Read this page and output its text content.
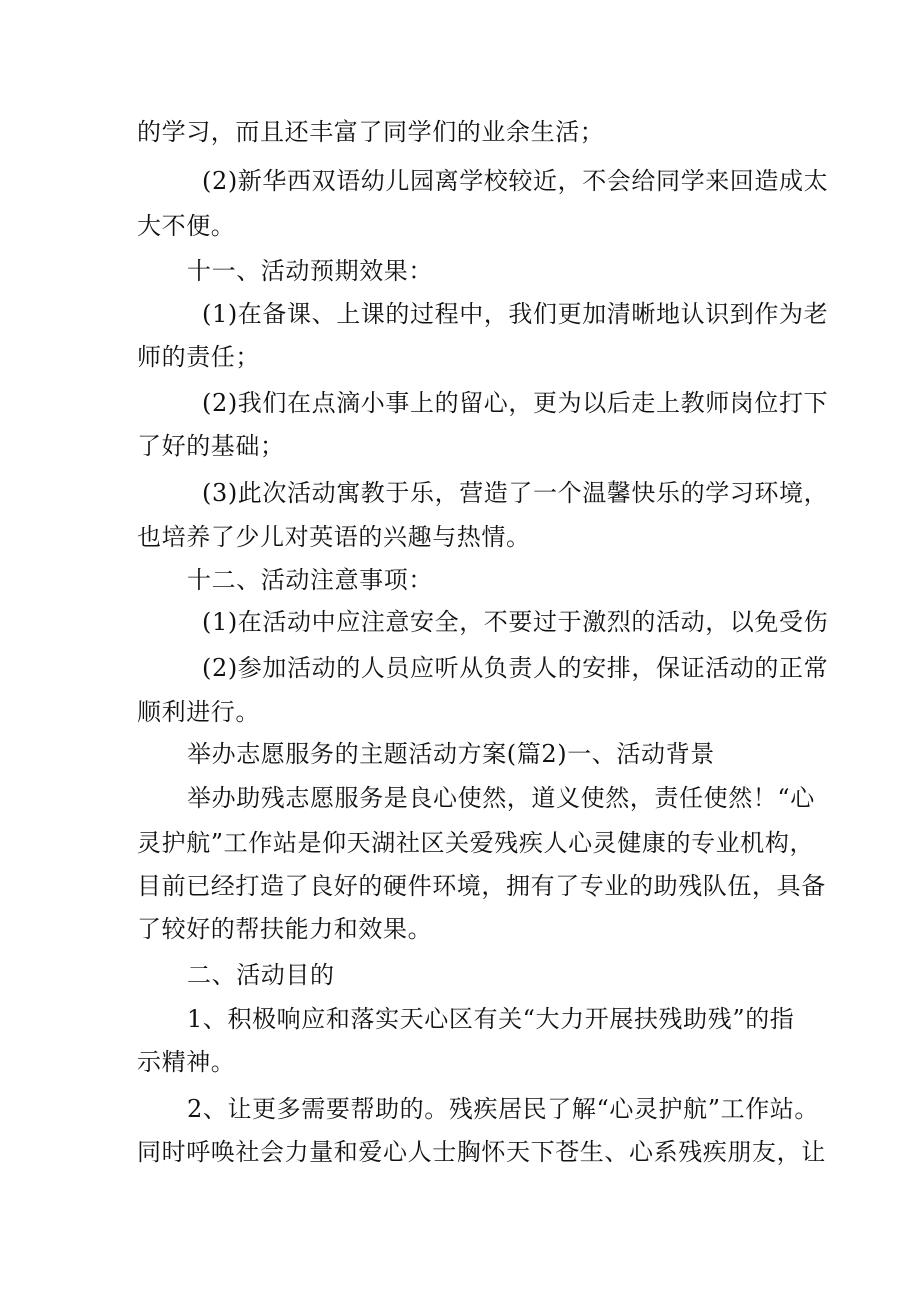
的学习，而且还丰富了同学们的业余生活；

(2)新华西双语幼儿园离学校较近，不会给同学来回造成太

大不便。

十一、活动预期效果：

(1)在备课、上课的过程中，我们更加清晰地认识到作为老

师的责任；

(2)我们在点滴小事上的留心，更为以后走上教师岗位打下

了好的基础；

(3)此次活动寓教于乐，营造了一个温馨快乐的学习环境，

也培养了少儿对英语的兴趣与热情。

十二、活动注意事项：

(1)在活动中应注意安全，不要过于激烈的活动，以免受伤

(2)参加活动的人员应听从负责人的安排，保证活动的正常

顺利进行。

举办志愿服务的主题活动方案(篇2)一、活动背景

举办助残志愿服务是良心使然，道义使然，责任使然！“心

灵护航”工作站是仰天湖社区关爱残疾人心灵健康的专业机构，

目前已经打造了良好的硬件环境，拥有了专业的助残队伍，具备

了较好的帮扶能力和效果。

二、活动目的

1、积极响应和落实天心区有关“大力开展扶残助残”的指

示精神。

2、让更多需要帮助的。残疾居民了解“心灵护航”工作站。

同时呼唤社会力量和爱心人士胸怀天下苍生、心系残疾朋友，让
